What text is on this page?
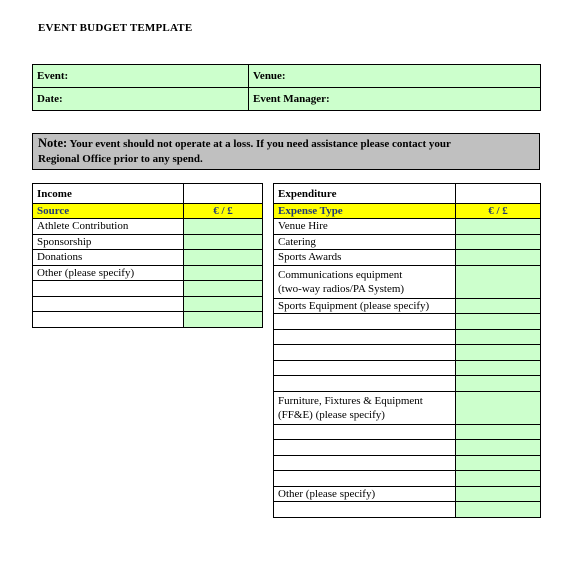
EVENT BUDGET TEMPLATE
Event:	Venue:
Date:	Event Manager:
Note: Your event should not operate at a loss. If you need assistance please contact your
Regional Office prior to any spend.
Income	
Source	€ / £
Athlete Contribution	
Sponsorship	
Donations	
Other (please specify)	

Expenditure	
Expense Type	€ / £
Venue Hire	
Catering	
Sports Awards	
Communications equipment
(two-way radios/PA System)	
Sports Equipment (please specify)	

Furniture, Fixtures & Equipment
(FF&E) (please specify)	

Other (please specify)	
